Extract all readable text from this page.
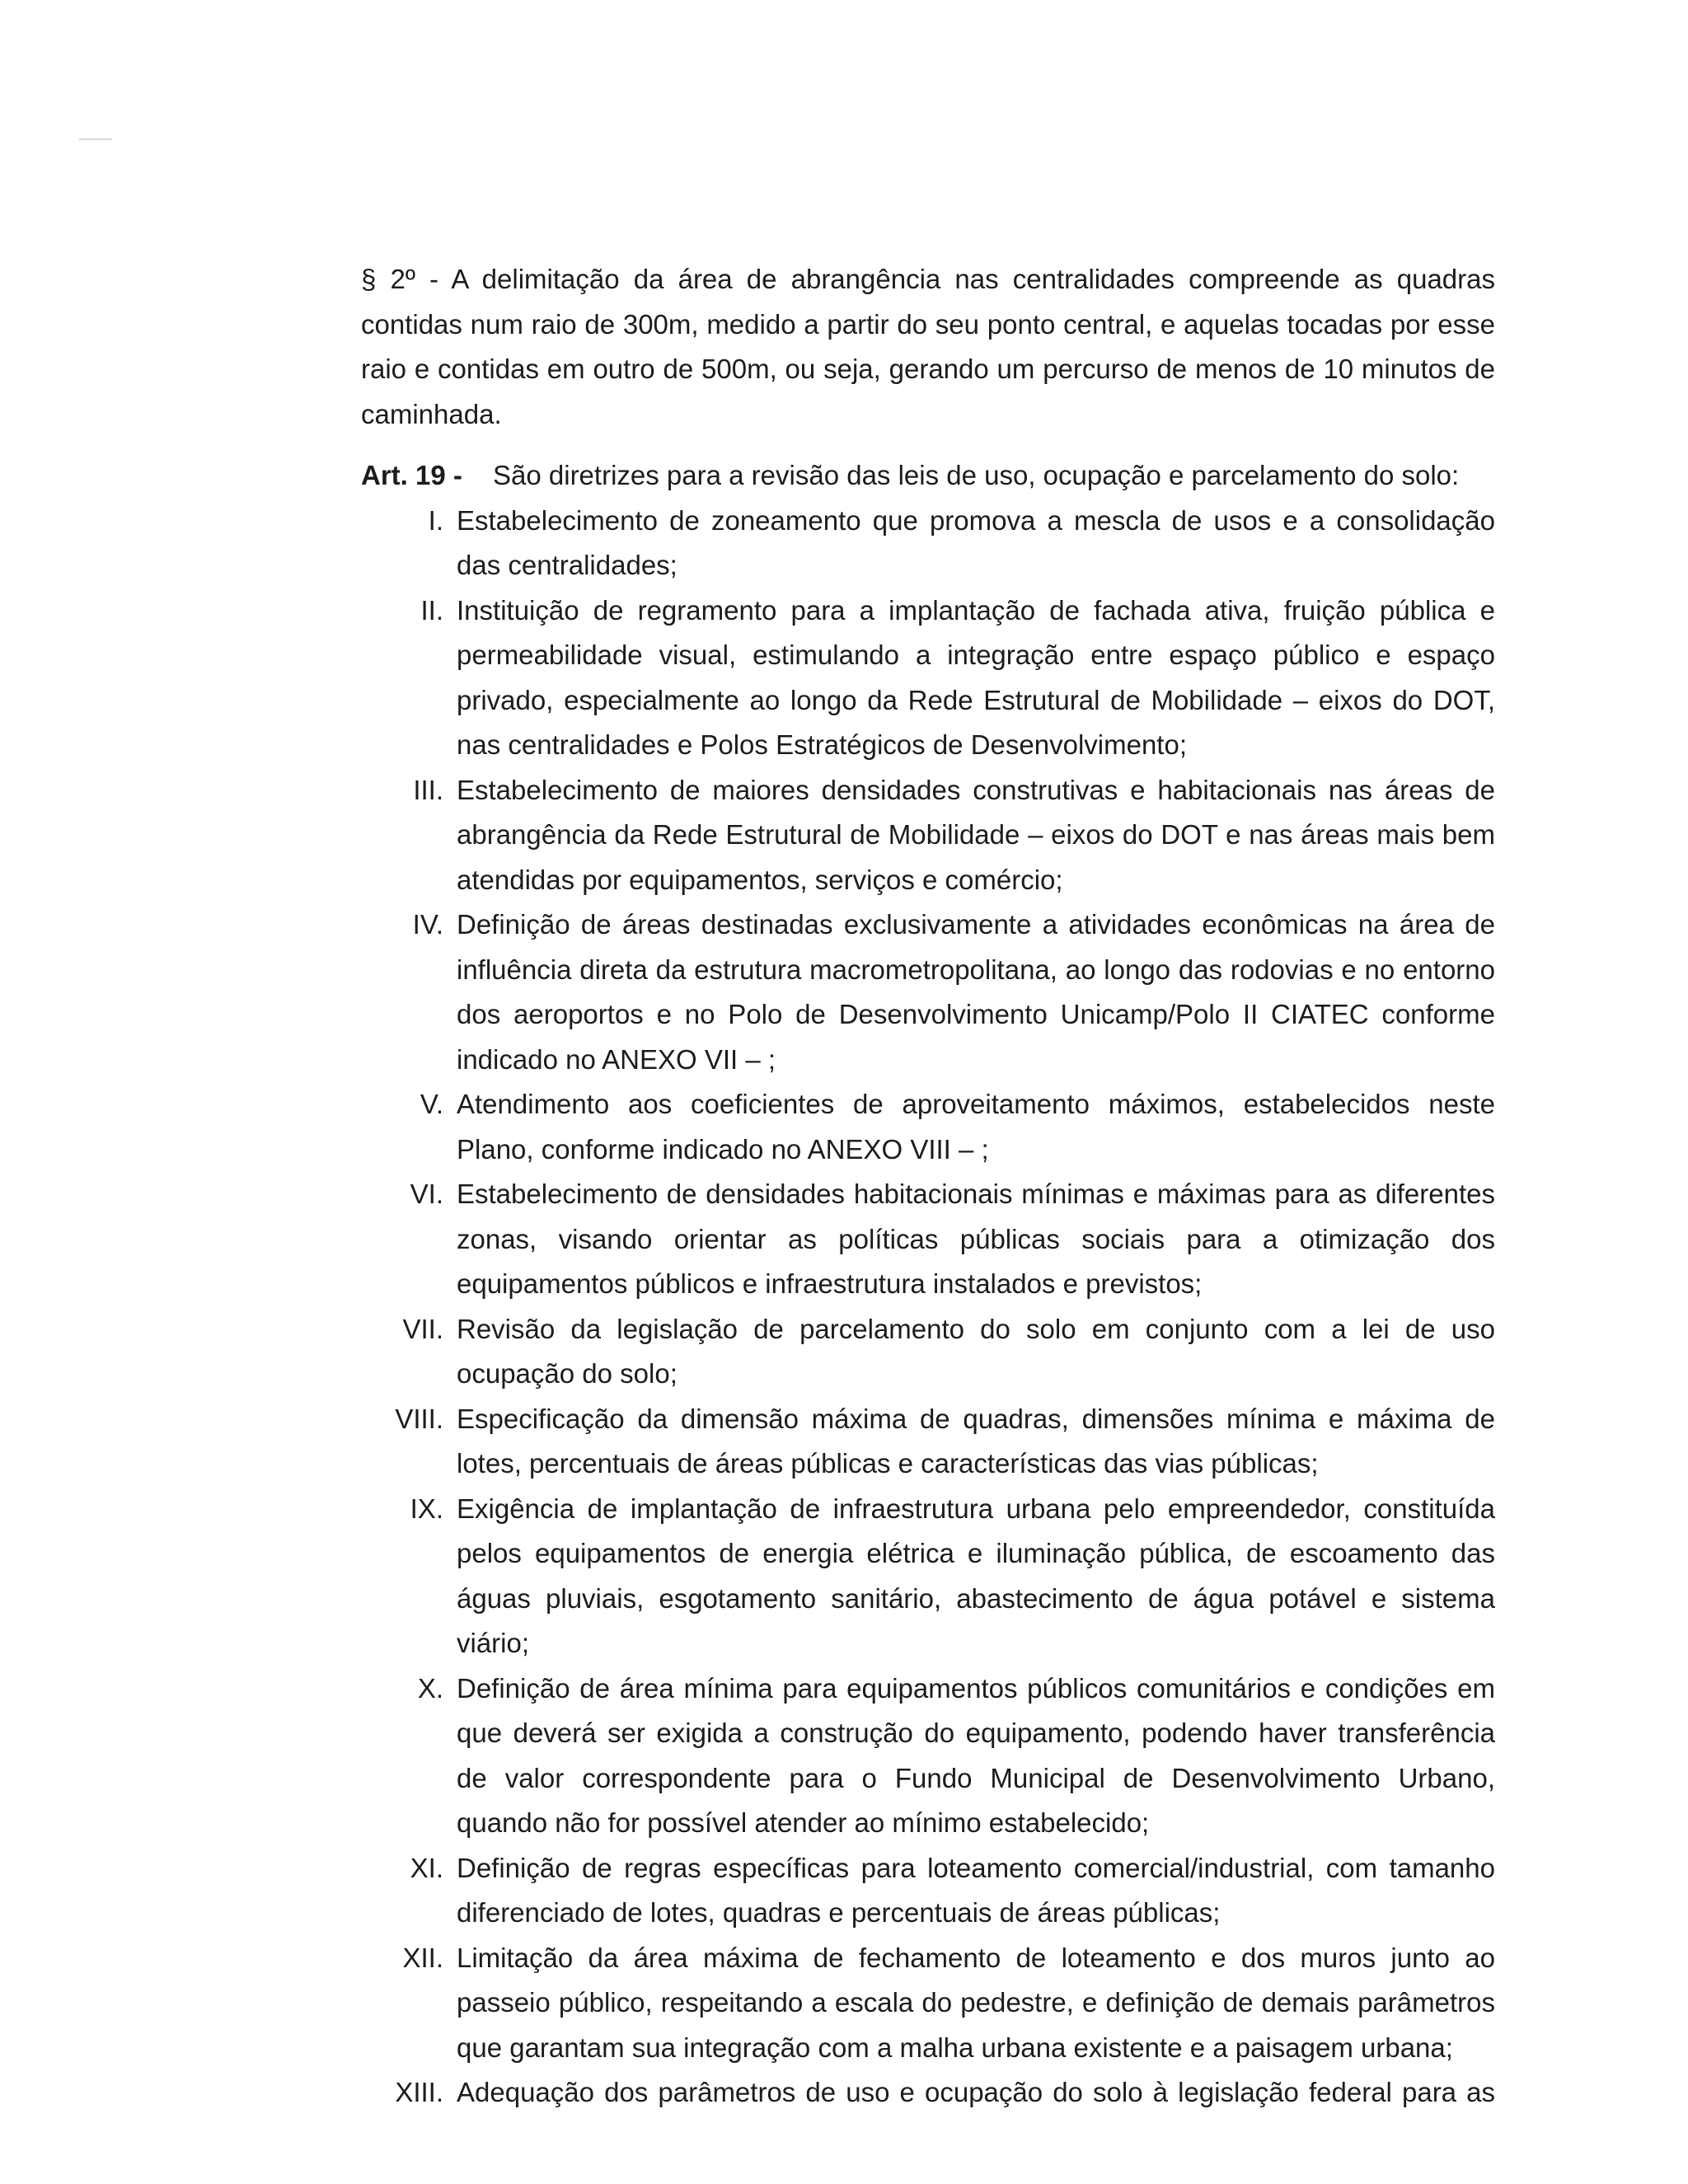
§ 2º - A delimitação da área de abrangência nas centralidades compreende as quadras contidas num raio de 300m, medido a partir do seu ponto central, e aquelas tocadas por esse raio e contidas em outro de 500m, ou seja, gerando um percurso de menos de 10 minutos de caminhada.

Art. 19 -	São diretrizes para a revisão das leis de uso, ocupação e parcelamento do solo:
I. Estabelecimento de zoneamento que promova a mescla de usos e a consolidação das centralidades;
II. Instituição de regramento para a implantação de fachada ativa, fruição pública e permeabilidade visual, estimulando a integração entre espaço público e espaço privado, especialmente ao longo da Rede Estrutural de Mobilidade – eixos do DOT, nas centralidades e Polos Estratégicos de Desenvolvimento;
III. Estabelecimento de maiores densidades construtivas e habitacionais nas áreas de abrangência da Rede Estrutural de Mobilidade – eixos do DOT e nas áreas mais bem atendidas por equipamentos, serviços e comércio;
IV. Definição de áreas destinadas exclusivamente a atividades econômicas na área de influência direta da estrutura macrometropolitana, ao longo das rodovias e no entorno dos aeroportos e no Polo de Desenvolvimento Unicamp/Polo II CIATEC conforme indicado no ANEXO VII – ;
V. Atendimento aos coeficientes de aproveitamento máximos, estabelecidos neste Plano, conforme indicado no ANEXO VIII – ;
VI. Estabelecimento de densidades habitacionais mínimas e máximas para as diferentes zonas, visando orientar as políticas públicas sociais para a otimização dos equipamentos públicos e infraestrutura instalados e previstos;
VII. Revisão da legislação de parcelamento do solo em conjunto com a lei de uso ocupação do solo;
VIII. Especificação da dimensão máxima de quadras, dimensões mínima e máxima de lotes, percentuais de áreas públicas e características das vias públicas;
IX. Exigência de implantação de infraestrutura urbana pelo empreendedor, constituída pelos equipamentos de energia elétrica e iluminação pública, de escoamento das águas pluviais, esgotamento sanitário, abastecimento de água potável e sistema viário;
X. Definição de área mínima para equipamentos públicos comunitários e condições em que deverá ser exigida a construção do equipamento, podendo haver transferência de valor correspondente para o Fundo Municipal de Desenvolvimento Urbano, quando não for possível atender ao mínimo estabelecido;
XI. Definição de regras específicas para loteamento comercial/industrial, com tamanho diferenciado de lotes, quadras e percentuais de áreas públicas;
XII. Limitação da área máxima de fechamento de loteamento e dos muros junto ao passeio público, respeitando a escala do pedestre, e definição de demais parâmetros que garantam sua integração com a malha urbana existente e a paisagem urbana;
XIII. Adequação dos parâmetros de uso e ocupação do solo à legislação federal para as
